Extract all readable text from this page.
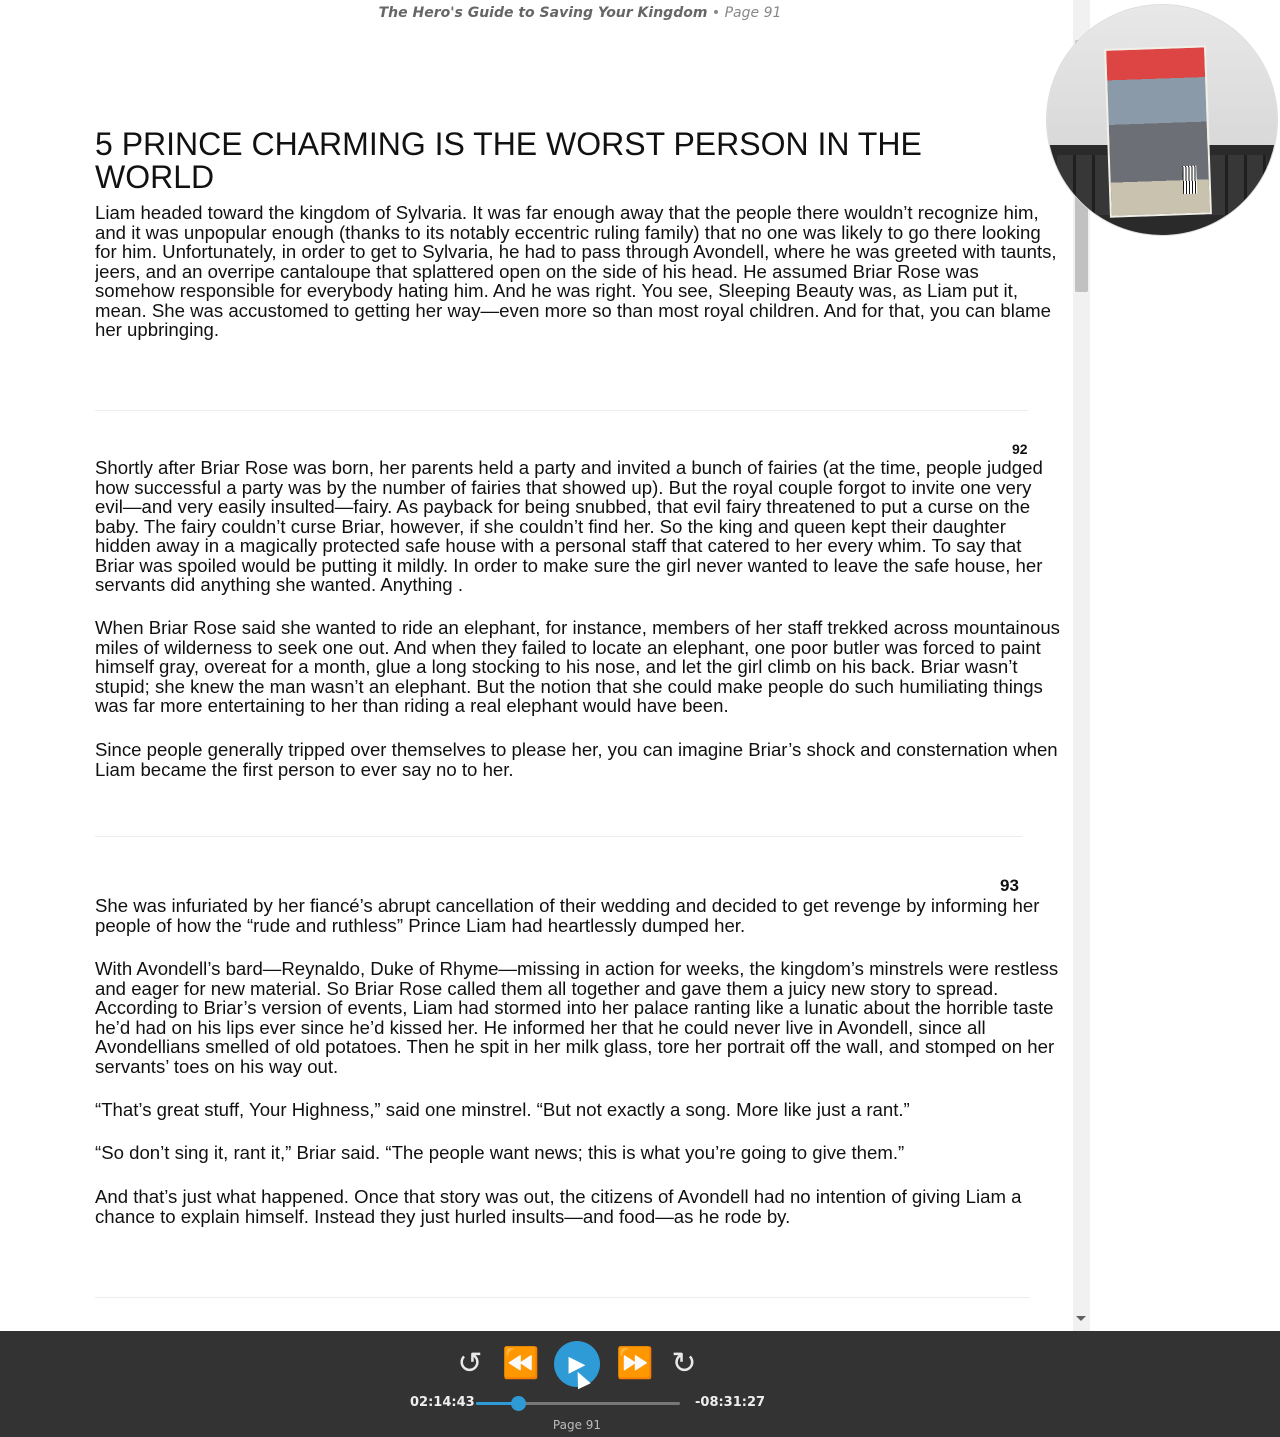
The Hero's Guide to Saving Your Kingdom • Page 91
5 PRINCE CHARMING IS THE WORST PERSON IN THE WORLD

Liam headed toward the kingdom of Sylvaria. It was far enough away that the people there wouldn’t recognize him, and it was unpopular enough (thanks to its notably eccentric ruling family) that no one was likely to go there looking for him. Unfortunately, in order to get to Sylvaria, he had to pass through Avondell, where he was greeted with taunts, jeers, and an overripe cantaloupe that splattered open on the side of his head. He assumed Briar Rose was somehow responsible for everybody hating him. And he was right. You see, Sleeping Beauty was, as Liam put it, mean. She was accustomed to getting her way—even more so than most royal children. And for that, you can blame her upbringing.

92

Shortly after Briar Rose was born, her parents held a party and invited a bunch of fairies (at the time, people judged how successful a party was by the number of fairies that showed up). But the royal couple forgot to invite one very evil—and very easily insulted—fairy. As payback for being snubbed, that evil fairy threatened to put a curse on the baby. The fairy couldn’t curse Briar, however, if she couldn’t find her. So the king and queen kept their daughter hidden away in a magically protected safe house with a personal staff that catered to her every whim. To say that Briar was spoiled would be putting it mildly. In order to make sure the girl never wanted to leave the safe house, her servants did anything she wanted. Anything .

When Briar Rose said she wanted to ride an elephant, for instance, members of her staff trekked across mountainous miles of wilderness to seek one out. And when they failed to locate an elephant, one poor butler was forced to paint himself gray, overeat for a month, glue a long stocking to his nose, and let the girl climb on his back. Briar wasn’t stupid; she knew the man wasn’t an elephant. But the notion that she could make people do such humiliating things was far more entertaining to her than riding a real elephant would have been.

Since people generally tripped over themselves to please her, you can imagine Briar’s shock and consternation when Liam became the first person to ever say no to her.

93

She was infuriated by her fiancé’s abrupt cancellation of their wedding and decided to get revenge by informing her people of how the “rude and ruthless” Prince Liam had heartlessly dumped her.

With Avondell’s bard—Reynaldo, Duke of Rhyme—missing in action for weeks, the kingdom’s minstrels were restless and eager for new material. So Briar Rose called them all together and gave them a juicy new story to spread. According to Briar’s version of events, Liam had stormed into her palace ranting like a lunatic about the horrible taste he’d had on his lips ever since he’d kissed her. He informed her that he could never live in Avondell, since all Avondellians smelled of old potatoes. Then he spit in her milk glass, tore her portrait off the wall, and stomped on her servants’ toes on his way out.

“That’s great stuff, Your Highness,” said one minstrel. “But not exactly a song. More like just a rant.”

“So don’t sing it, rant it,” Briar said. “The people want news; this is what you’re going to give them.”

And that’s just what happened. Once that story was out, the citizens of Avondell had no intention of giving Liam a chance to explain himself. Instead they just hurled insults—and food—as he rode by.

↺ ⏪	▶	⏩ ↻
02:14:43	-08:31:27
Page 91
